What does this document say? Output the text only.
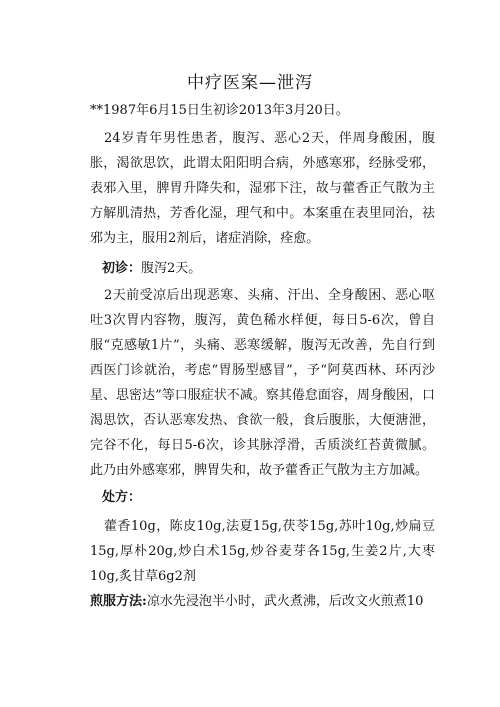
中疗医案—泄泻

**1987年6月15日生初诊2013年3月20日。

24岁青年男性患者，腹泻、恶心2天，伴周身酸困，腹胀，渴欲思饮，此谓太阳阳明合病，外感寒邪，经脉受邪，表邪入里，脾胃升降失和，湿邪下注，故与藿香正气散为主方解肌清热，芳香化湿，理气和中。本案重在表里同治，祛邪为主，服用2剂后，诸症消除，痊愈。

初诊：腹泻2天。

2天前受凉后出现恶寒、头痛、汗出、全身酸困、恶心呕吐3次胃内容物，腹泻，黄色稀水样便，每日5-6次，曾自服“克感敏1片”，头痛、恶寒缓解，腹泻无改善，先自行到西医门诊就治，考虑“胃肠型感冒”，予“阿莫西林、环丙沙星、思密达”等口服症状不减。察其倦怠面容，周身酸困，口渴思饮，否认恶寒发热、食欲一般，食后腹胀，大便溏泄，完谷不化，每日5-6次，诊其脉浮滑，舌质淡红苔黄微腻。此乃由外感寒邪，脾胃失和，故予藿香正气散为主方加减。

处方：

藿香10g，陈皮10g,法夏15g,茯苓15g,苏叶10g,炒扁豆15g,厚朴20g,炒白术15g,炒谷麦芽各15g,生姜2片,大枣10g,炙甘草6g2剂

煎服方法:凉水先浸泡半小时，武火煮沸，后改文火煎煮10
